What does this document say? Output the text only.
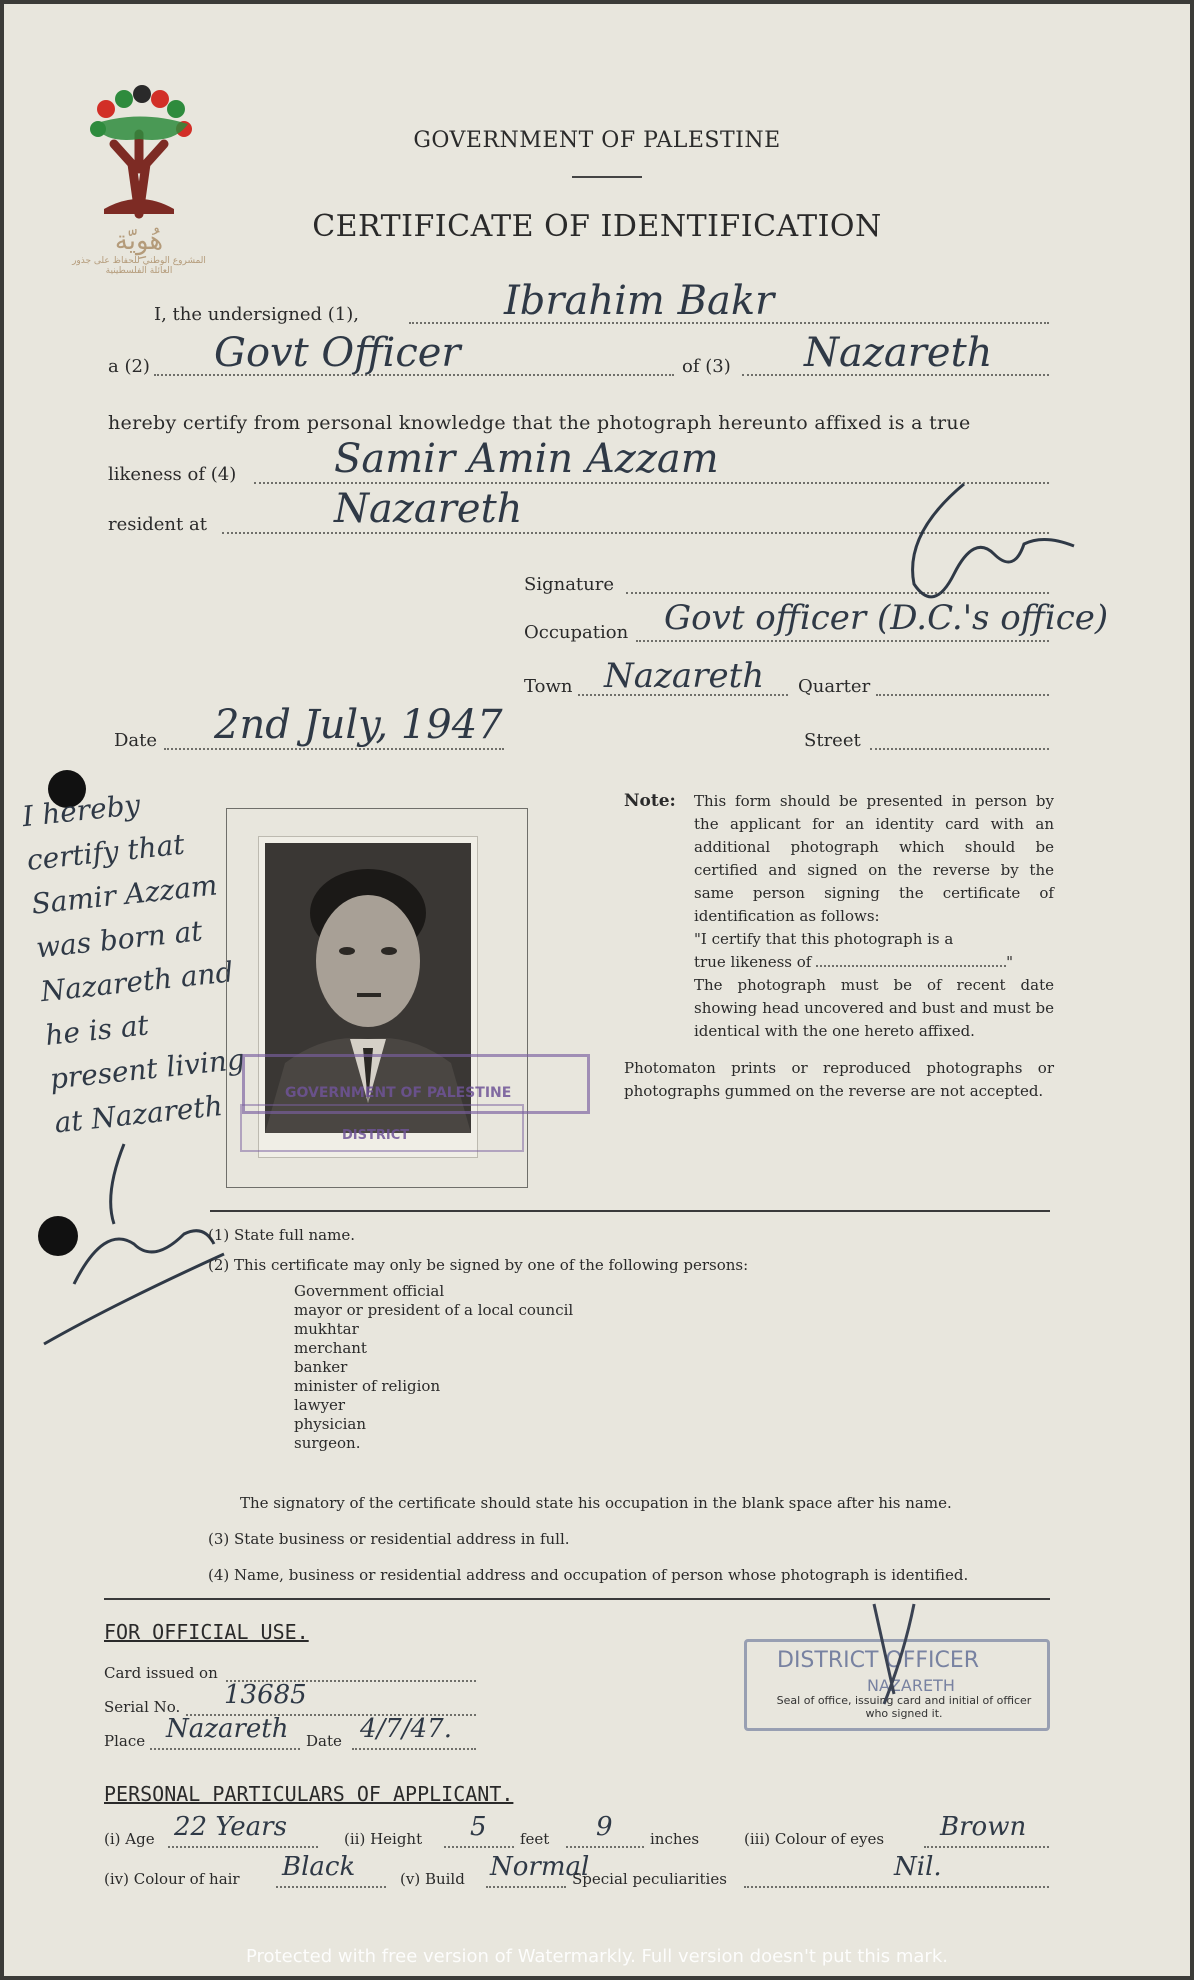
هُوِيّة
المشروع الوطني للحفاظ على جذور العائلة الفلسطينية
GOVERNMENT OF PALESTINE
CERTIFICATE OF IDENTIFICATION
I, the undersigned (1),	Ibrahim Bakr
a (2) Govt Officer	of (3) Nazareth
hereby certify from personal knowledge that the photograph hereunto affixed is a true
likeness of (4) Samir Amin Azzam
resident at	Nazareth
Signature
Occupation Govt officer (D.C.'s office)
Town Nazareth Quarter
Date 2nd July, 1947	Street
I hereby
certify that
Samir Azzam
was born at
Nazareth and
he is at
present living
at Nazareth	GOVERNMENT OF PALESTINE
DISTRICT
Note: This form should be presented in person by the applicant for an identity card with an additional photograph which should be certified and signed on the reverse by the same person signing the certificate of identification as follows:

"I certify that this photograph is a

true likeness of	"

The photograph must be of recent date showing head uncovered and bust and must be identical with the one hereto affixed.

Photomaton prints or reproduced photographs or photographs gummed on the reverse are not accepted.

(1) State full name.
(2) This certificate may only be signed by one of the following persons:
Government official
mayor or president of a local council
mukhtar
merchant
banker
minister of religion
lawyer
physician
surgeon.
The signatory of the certificate should state his occupation in the blank space after his name.
(3) State business or residential address in full.
(4) Name, business or residential address and occupation of person whose photograph is identified.
FOR OFFICIAL USE.
Card issued on
Serial No. 13685
Place Nazareth Date 4/7/47.
DISTRICT OFFICER
NAZARETH
Seal of office, issuing card and initial of officer who signed it.
PERSONAL PARTICULARS OF APPLICANT.
(i) Age 22 Years	(ii) Height 5 feet 9 inches	(iii) Colour of eyes Brown
(iv) Colour of hair Black	(v) Build Normal
Special peculiarities	Nil.
Protected with free version of Watermarkly. Full version doesn't put this mark.
